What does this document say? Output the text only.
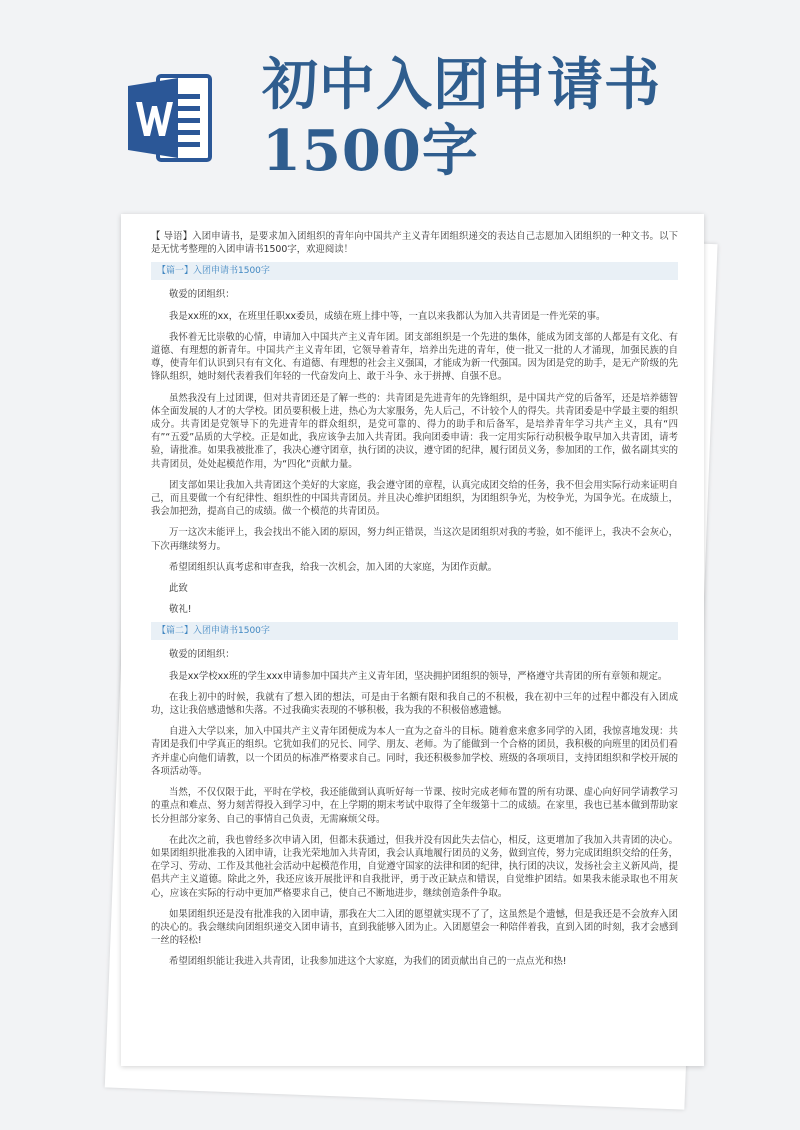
初中入团申请书1500字

【 导语】入团申请书，是要求加入团组织的青年向中国共产主义青年团组织递交的表达自己志愿加入团组织的一种文书。以下是无忧考整理的入团申请书1500字，欢迎阅读！

【篇一】入团申请书1500字

敬爱的团组织：

我是xx班的xx，在班里任职xx委员，成绩在班上排中等，一直以来我都认为加入共青团是一件光荣的事。

我怀着无比崇敬的心情，申请加入中国共产主义青年团。团支部组织是一个先进的集体，能成为团支部的人都是有文化、有道德、有理想的新青年。中国共产主义青年团，它领导着青年，培养出先进的青年，使一批又一批的人才涌现，加强民族的自尊，使青年们认识到只有有文化、有道德、有理想的社会主义强国，才能成为新一代强国。因为团是党的助手，是无产阶级的先锋队组织，她时刻代表着我们年轻的一代奋发向上、敢于斗争、永于拼搏、自强不息。

虽然我没有上过团课，但对共青团还是了解一些的：共青团是先进青年的先锋组织，是中国共产党的后备军，还是培养德智体全面发展的人才的大学校。团员要积极上进，热心为大家服务，先人后己，不计较个人的得失。共青团委是中学最主要的组织成分。共青团是党领导下的先进青年的群众组织，是党可靠的、得力的助手和后备军，是培养青年学习共产主义，具有“四有”“五爱”品质的大学校。正是如此，我应该争去加入共青团。我向团委申请：我一定用实际行动积极争取早加入共青团，请考验，请批准。如果我被批准了，我决心遵守团章，执行团的决议，遵守团的纪律，履行团员义务，参加团的工作，做名副其实的共青团员，处处起模范作用，为“四化”贡献力量。

团支部如果让我加入共青团这个美好的大家庭，我会遵守团的章程，认真完成团交给的任务，我不但会用实际行动来证明自己，而且要做一个有纪律性、组织性的中国共青团员。并且决心维护团组织，为团组织争光，为校争光，为国争光。在成绩上，我会加把劲，提高自己的成绩。做一个模范的共青团员。

万一这次未能评上，我会找出不能入团的原因，努力纠正错误，当这次是团组织对我的考验，如不能评上，我决不会灰心，下次再继续努力。

希望团组织认真考虑和审查我，给我一次机会，加入团的大家庭，为团作贡献。

此致

敬礼!

【篇二】入团申请书1500字

敬爱的团组织：

我是xx学校xx班的学生xxx申请参加中国共产主义青年团，坚决拥护团组织的领导，严格遵守共青团的所有章领和规定。

在我上初中的时候，我就有了想入团的想法，可是由于名额有限和我自己的不积极，我在初中三年的过程中都没有入团成功，这让我倍感遗憾和失落。不过我确实表现的不够积极，我为我的不积极倍感遗憾。

自进入大学以来，加入中国共产主义青年团便成为本人一直为之奋斗的目标。随着愈来愈多同学的入团，我惊喜地发现：共青团是我们中学真正的组织。它犹如我们的兄长、同学、朋友、老师。为了能做到一个合格的团员，我积极的向班里的团员们看齐并虚心向他们请教，以一个团员的标准严格要求自己。同时，我还积极参加学校、班级的各项项目，支持团组织和学校开展的各项活动等。

当然，不仅仅限于此，平时在学校，我还能做到认真听好每一节课、按时完成老师布置的所有功课、虚心向好同学请教学习的重点和难点、努力刻苦得投入到学习中，在上学期的期末考试中取得了全年级第十二的成绩。在家里，我也已基本做到帮助家长分担部分家务、自己的事情自己负责，无需麻烦父母。

在此次之前，我也曾经多次申请入团，但都未获通过，但我并没有因此失去信心，相反，这更增加了我加入共青团的决心。如果团组织批准我的入团申请，让我光荣地加入共青团，我会认真地履行团员的义务，做到宣传，努力完成团组织交给的任务，在学习、劳动、工作及其他社会活动中起模范作用，自觉遵守国家的法律和团的纪律，执行团的决议，发扬社会主义新风尚，提倡共产主义道德。除此之外，我还应该开展批评和自我批评，勇于改正缺点和错误，自觉维护团结。如果我未能录取也不用灰心，应该在实际的行动中更加严格要求自己，使自己不断地进步，继续创造条件争取。

如果团组织还是没有批准我的入团申请，那我在大二入团的愿望就实现不了了，这虽然是个遗憾，但是我还是不会放弃入团的决心的。我会继续向团组织递交入团申请书，直到我能够入团为止。入团愿望会一种陪伴着我，直到入团的时刻，我才会感到一丝的轻松!

希望团组织能让我进入共青团，让我参加进这个大家庭，为我们的团贡献出自己的一点点光和热!
